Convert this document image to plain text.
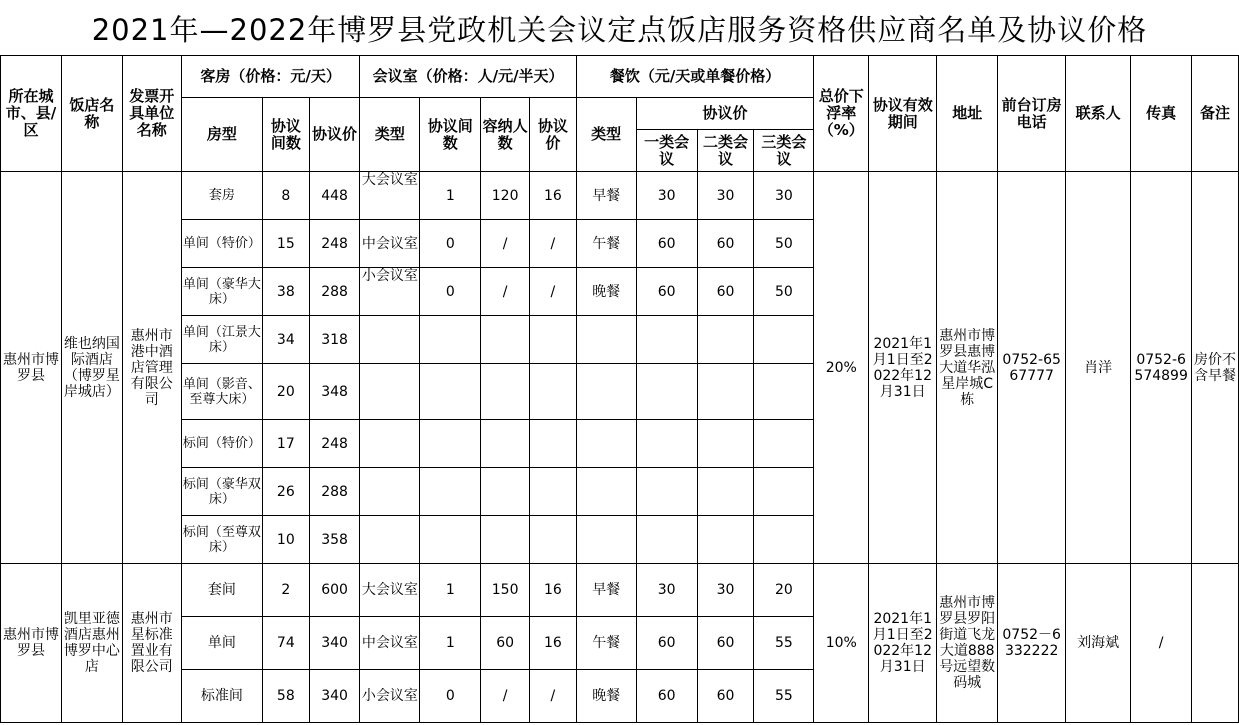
2021年—2022年博罗县党政机关会议定点饭店服务资格供应商名单及协议价格
所在城市、县/区	饭店名称	发票开具单位名称	客房（价格：元/天）			会议室（价格：人/元/半天）				餐饮（元/天或单餐价格）				总价下浮率（%）	协议有效期间	地址	前台订房电话	联系人	传真	备注
			房型	协议间数	协议价	类型	协议间数	容纳人数	协议价	类型	协议价									
											一类会议	二类会议	三类会议							
惠州市博罗县	维也纳国际酒店（博罗星岸城店）	惠州市港中酒店管理有限公司	套房	8	448	大会议室	1	120	16	早餐	30	30	30	20%	2021年1月1日至2022年12月31日	惠州市博罗县惠博大道华泓星岸城C栋	0752-6567777	肖洋	0752-6574899	房价不含早餐
			单间（特价）	15	248	中会议室	0	/	/	午餐	60	60	50							
			单间（豪华大床）	38	288	小会议室	0	/	/	晚餐	60	60	50							
			单间（江景大床）	34	318															
			单间（影音、至尊大床）	20	348															
			标间（特价）	17	248															
			标间（豪华双床）	26	288															
			标间（至尊双床）	10	358															
惠州市博罗县	凯里亚德酒店惠州博罗中心店	惠州市星标准置业有限公司	套间	2	600	大会议室	1	150	16	早餐	30	30	20	10%	2021年1月1日至2022年12月31日	惠州市博罗县罗阳街道飞龙大道888号远望数码城	0752－6332222	刘海斌	/	
			单间	74	340	中会议室	1	60	16	午餐	60	60	55							
			标准间	58	340	小会议室	0	/	/	晚餐	60	60	55							
